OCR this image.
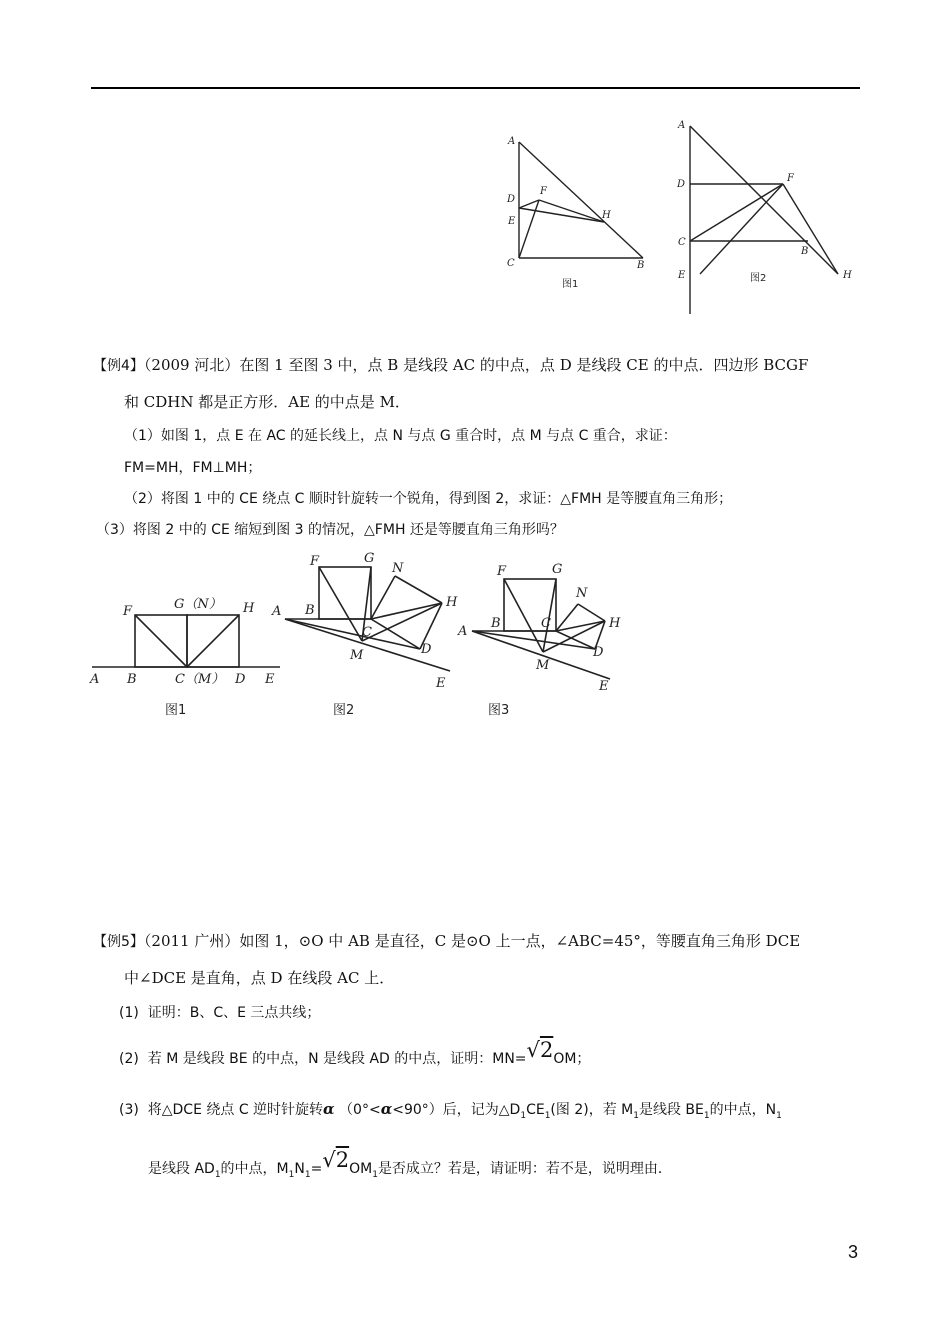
A
D
E
C
F
H
B
图1
A
D
F
C
B
E	H
图2
【例4】（2009 河北）在图 1 至图 3 中，点 B 是线段 AC 的中点，点 D 是线段 CE 的中点．四边形 BCGF
和 CDHN 都是正方形．AE 的中点是 M．
（1）如图 1，点 E 在 AC 的延长线上，点 N 与点 G 重合时，点 M 与点 C 重合，求证：
FM=MH，FM⊥MH；
（2）将图 1 中的 CE 绕点 C 顺时针旋转一个锐角，得到图 2，求证：△FMH 是等腰直角三角形；
（3）将图 2 中的 CE 缩短到图 3 的情况，△FMH 还是等腰直角三角形吗？
F	G（N） H
A B	C（M） D E
图1
F	G
N
A B
H
C
M	D
E
图2
F	G
N
A
B	C	H
M
D
E
图3
【例5】（2011 广州）如图 1，⊙O 中 AB 是直径，C 是⊙O 上一点，∠ABC=45°，等腰直角三角形 DCE
中∠DCE 是直角，点 D 在线段 AC 上．
(1) 证明：B、C、E 三点共线；
(2) 若 M 是线段 BE 的中点，N 是线段 AD 的中点，证明：MN=√2OM；
(3) 将△DCE 绕点 C 逆时针旋转α （0°<α<90°）后，记为$\triangle D_1CE_1$(图 2)，若 $M_1$是线段 $BE_1$的中点，$N_1$
是线段 $AD_1$的中点，$M_1N_1=√2OM_1$是否成立？若是，请证明：若不是，说明理由．
3
